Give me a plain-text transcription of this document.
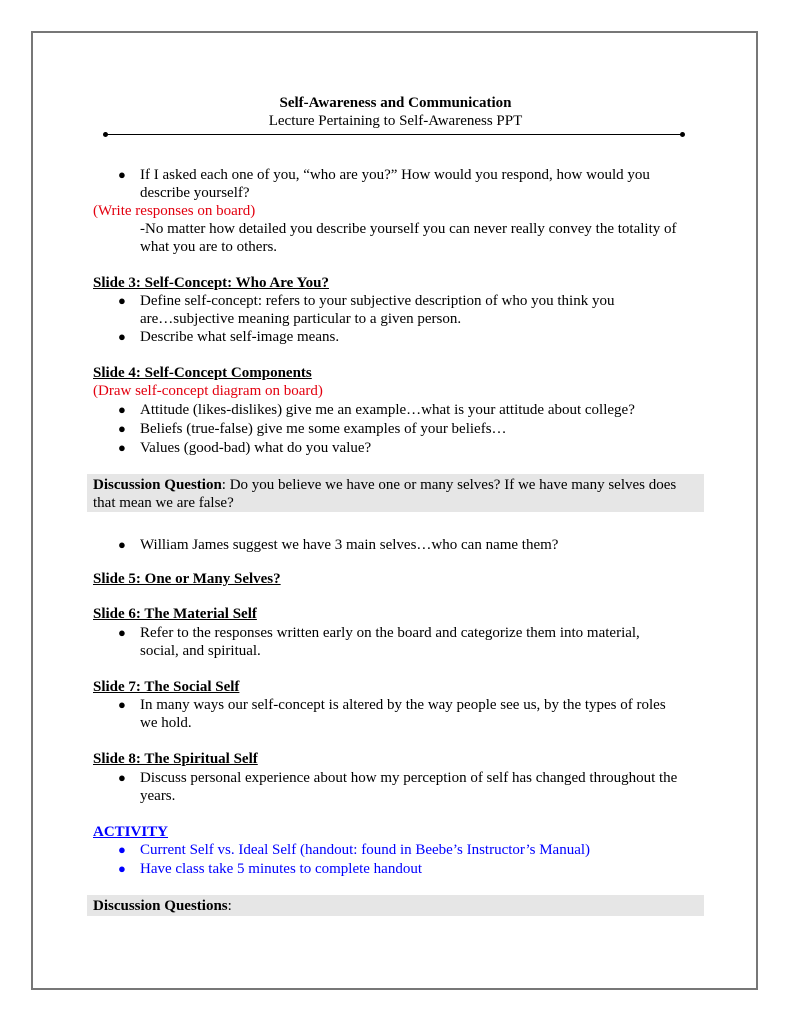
Self-Awareness and Communication
Lecture Pertaining to Self-Awareness PPT
● If I asked each one of you, “who are you?” How would you respond, how would you
describe yourself?
(Write responses on board)
-No matter how detailed you describe yourself you can never really convey the totality of
what you are to others.
Slide 3: Self-Concept: Who Are You?
● Define self-concept: refers to your subjective description of who you think you
are…subjective meaning particular to a given person.
● Describe what self-image means.
Slide 4: Self-Concept Components
(Draw self-concept diagram on board)
● Attitude (likes-dislikes) give me an example…what is your attitude about college?
● Beliefs (true-false) give me some examples of your beliefs…
● Values (good-bad) what do you value?
Discussion Question: Do you believe we have one or many selves? If we have many selves does
that mean we are false?
● William James suggest we have 3 main selves…who can name them?
Slide 5: One or Many Selves?
Slide 6: The Material Self
● Refer to the responses written early on the board and categorize them into material,
social, and spiritual.
Slide 7: The Social Self
● In many ways our self-concept is altered by the way people see us, by the types of roles
we hold.
Slide 8: The Spiritual Self
● Discuss personal experience about how my perception of self has changed throughout the
years.
ACTIVITY
● Current Self vs. Ideal Self (handout: found in Beebe’s Instructor’s Manual)
● Have class take 5 minutes to complete handout
Discussion Questions:
